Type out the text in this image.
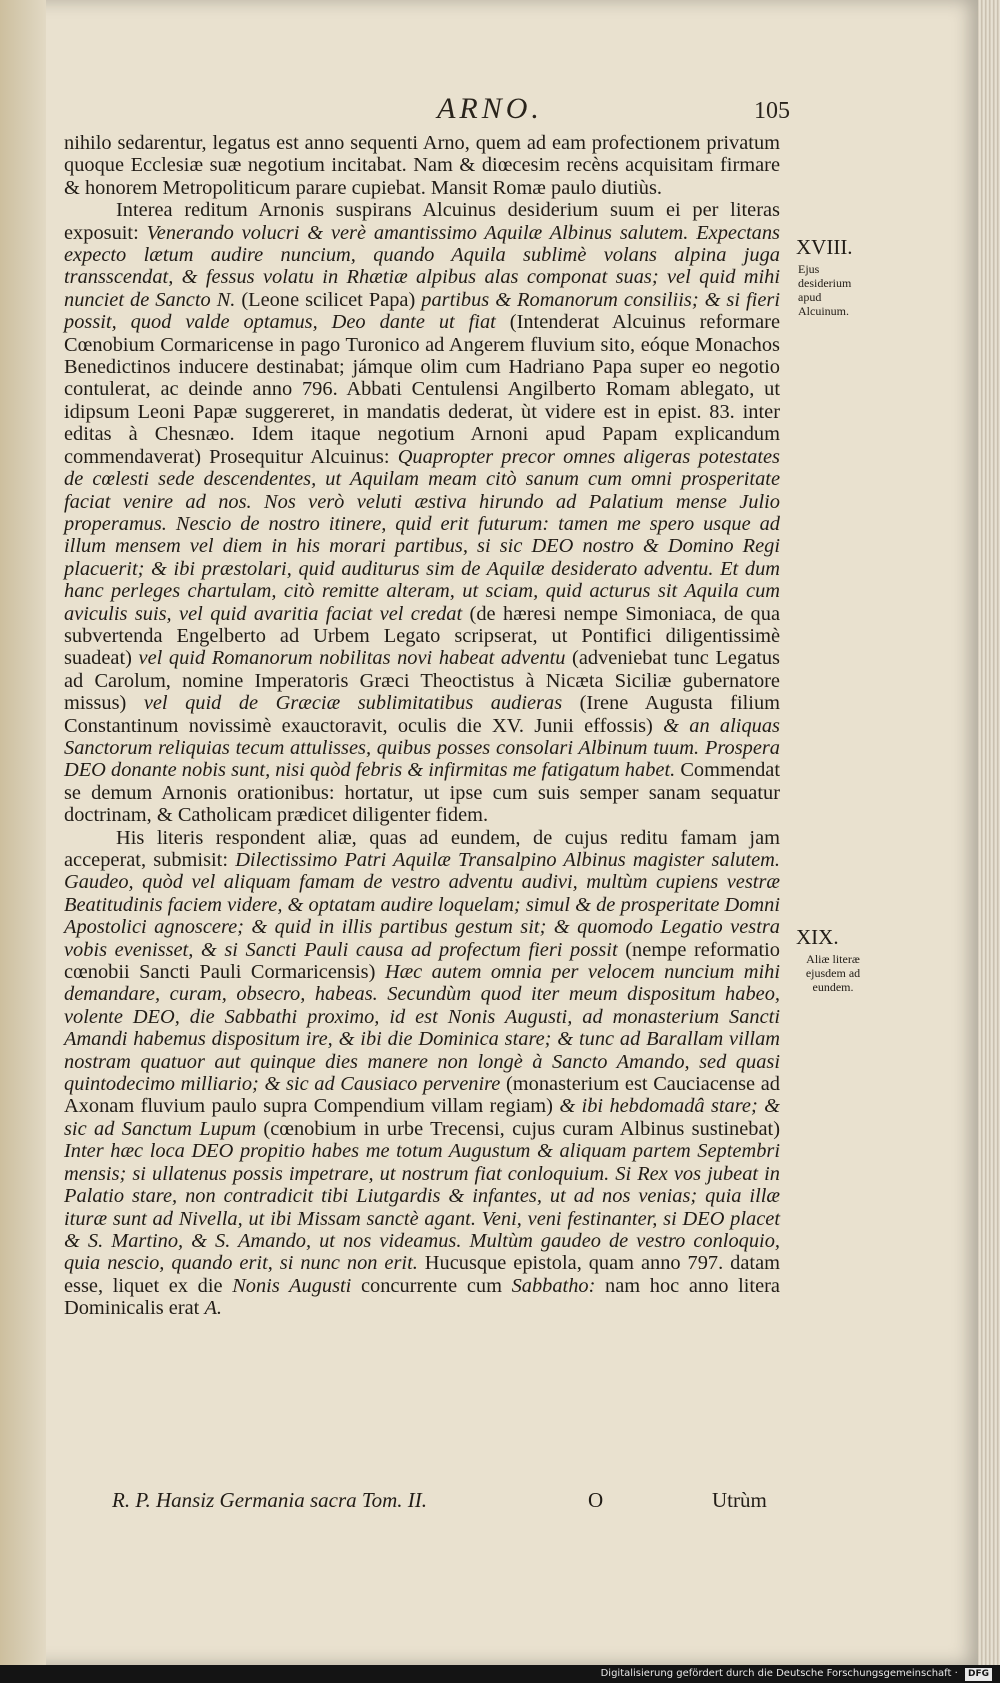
ARNO.	105

nihilo sedarentur, legatus est anno sequenti Arno, quem ad eam profectionem privatum quoque Ecclesiæ suæ negotium incitabat. Nam & diœcesim recèns acquisitam firmare & honorem Metropoliticum parare cupiebat. Mansit Romæ paulo diutiùs.

Interea reditum Arnonis suspirans Alcuinus desiderium suum ei per literas exposuit: Venerando volucri & verè amantissimo Aquilæ Albinus salutem. Expectans expecto lætum audire nuncium, quando Aquila sublimè volans alpina juga transscendat, & fessus volatu in Rhætiæ alpibus alas componat suas; vel quid mihi nunciet de Sancto N. (Leone scilicet Papa) partibus & Romanorum consiliis; & si fieri possit, quod valde optamus, Deo dante ut fiat (Intenderat Alcuinus reformare Cœnobium Cormaricense in pago Turonico ad Angerem fluvium sito, eóque Monachos Benedictinos inducere destinabat; jámque olim cum Hadriano Papa super eo negotio contulerat, ac deinde anno 796. Abbati Centulensi Angilberto Romam ablegato, ut idipsum Leoni Papæ suggereret, in mandatis dederat, ùt videre est in epist. 83. inter editas à Chesnæo. Idem itaque negotium Arnoni apud Papam explicandum commendaverat) Prosequitur Alcuinus: Quapropter precor omnes aligeras potestates de cœlesti sede descendentes, ut Aquilam meam citò sanum cum omni prosperitate faciat venire ad nos. Nos verò veluti æstiva hirundo ad Palatium mense Julio properamus. Nescio de nostro itinere, quid erit futurum: tamen me spero usque ad illum mensem vel diem in his morari partibus, si sic DEO nostro & Domino Regi placuerit; & ibi præstolari, quid auditurus sim de Aquilæ desiderato adventu. Et dum hanc perleges chartulam, citò remitte alteram, ut sciam, quid acturus sit Aquila cum aviculis suis, vel quid avaritia faciat vel credat (de hæresi nempe Simoniaca, de qua subvertenda Engelberto ad Urbem Legato scripserat, ut Pontifici diligentissimè suadeat) vel quid Romanorum nobilitas novi habeat adventu (adveniebat tunc Legatus ad Carolum, nomine Imperatoris Græci Theoctistus à Nicæta Siciliæ gubernatore missus) vel quid de Græciæ sublimitatibus audieras (Irene Augusta filium Constantinum novissimè exauctoravit, oculis die XV. Junii effossis) & an aliquas Sanctorum reliquias tecum attulisses, quibus posses consolari Albinum tuum. Prospera DEO donante nobis sunt, nisi quòd febris & infirmitas me fatigatum habet. Commendat se demum Arnonis orationibus: hortatur, ut ipse cum suis semper sanam sequatur doctrinam, & Catholicam prædicet diligenter fidem.

His literis respondent aliæ, quas ad eundem, de cujus reditu famam jam acceperat, submisit: Dilectissimo Patri Aquilæ Transalpino Albinus magister salutem. Gaudeo, quòd vel aliquam famam de vestro adventu audivi, multùm cupiens vestræ Beatitudinis faciem videre, & optatam audire loquelam; simul & de prosperitate Domni Apostolici agnoscere; & quid in illis partibus gestum sit; & quomodo Legatio vestra vobis evenisset, & si Sancti Pauli causa ad profectum fieri possit (nempe reformatio cœnobii Sancti Pauli Cormaricensis) Hæc autem omnia per velocem nuncium mihi demandare, curam, obsecro, habeas. Secundùm quod iter meum dispositum habeo, volente DEO, die Sabbathi proximo, id est Nonis Augusti, ad monasterium Sancti Amandi habemus dispositum ire, & ibi die Dominica stare; & tunc ad Barallam villam nostram quatuor aut quinque dies manere non longè à Sancto Amando, sed quasi quintodecimo milliario; & sic ad Causiaco pervenire (monasterium est Cauciacense ad Axonam fluvium paulo supra Compendium villam regiam) & ibi hebdomadâ stare; & sic ad Sanctum Lupum (cœnobium in urbe Trecensi, cujus curam Albinus sustinebat) Inter hæc loca DEO propitio habes me totum Augustum & aliquam partem Septembri mensis; si ullatenus possis impetrare, ut nostrum fiat conloquium. Si Rex vos jubeat in Palatio stare, non contradicit tibi Liutgardis & infantes, ut ad nos venias; quia illæ ituræ sunt ad Nivella, ut ibi Missam sanctè agant. Veni, veni festinanter, si DEO placet & S. Martino, & S. Amando, ut nos videamus. Multùm gaudeo de vestro conloquio, quia nescio, quando erit, si nunc non erit. Hucusque epistola, quam anno 797. datam esse, liquet ex die Nonis Augusti concurrente cum Sabbatho: nam hoc anno litera Dominicalis erat A.

XVIII.
Ejus desiderium apud Alcuinum.
XIX.
Aliæ literæ ejusdem ad eundem.
R. P. Hansiz Germania sacra Tom. II.	O	Utrùm
Digitalisierung gefördert durch die Deutsche Forschungsgemeinschaft · DFG
